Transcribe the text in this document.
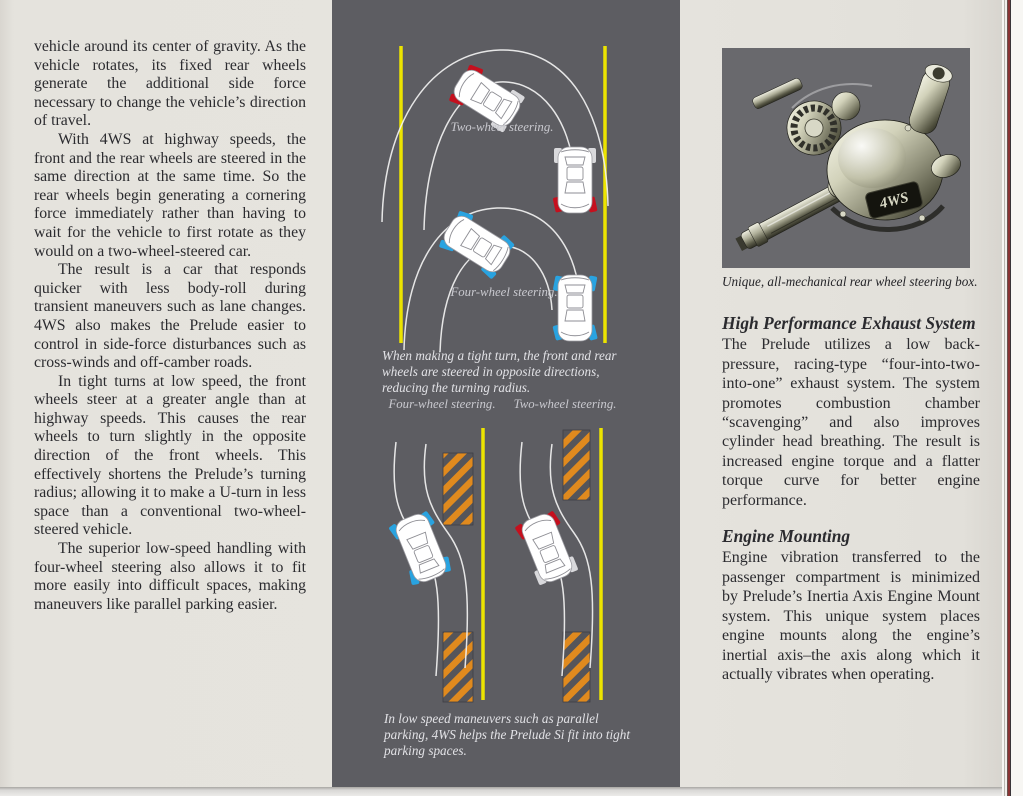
vehicle around its center of gravity. As the vehicle rotates, its fixed rear wheels generate the additional side force necessary to change the vehicle’s direction of travel.

With 4WS at highway speeds, the front and the rear wheels are steered in the same direction at the same time. So the rear wheels begin generating a cornering force immediately rather than having to wait for the vehicle to first rotate as they would on a two-wheel-steered car.

The result is a car that responds quicker with less body-roll during transient maneuvers such as lane changes. 4WS also makes the Prelude easier to control in side-force disturbances such as cross-winds and off-camber roads.

In tight turns at low speed, the front wheels steer at a greater angle than at highway speeds. This causes the rear wheels to turn slightly in the opposite direction of the front wheels. This effectively shortens the Prelude’s turning radius; allowing it to make a U-turn in less space than a conventional two-wheel-steered vehicle.

The superior low-speed handling with four-wheel steering also allows it to fit more easily into difficult spaces, making maneuvers like parallel parking easier.

Two-wheel steering.
Four-wheel steering.
When making a tight turn, the front and rear wheels are steered in opposite directions, reducing the turning radius.
Four-wheel steering.	Two-wheel steering.
In low speed maneuvers such as parallel parking, 4WS helps the Prelude Si fit into tight parking spaces.
4WS
Unique, all-mechanical rear wheel steering box.
High Performance Exhaust System

The Prelude utilizes a low back-pressure, racing-type “four-into-two-into-one” exhaust system. The system promotes combustion chamber “scavenging” and also improves cylinder head breathing. The result is increased engine torque and a flatter torque curve for better engine performance.

Engine Mounting

Engine vibration transferred to the passenger compartment is minimized by Prelude’s Inertia Axis Engine Mount system. This unique system places engine mounts along the engine’s inertial axis–the axis along which it actually vibrates when operating.
